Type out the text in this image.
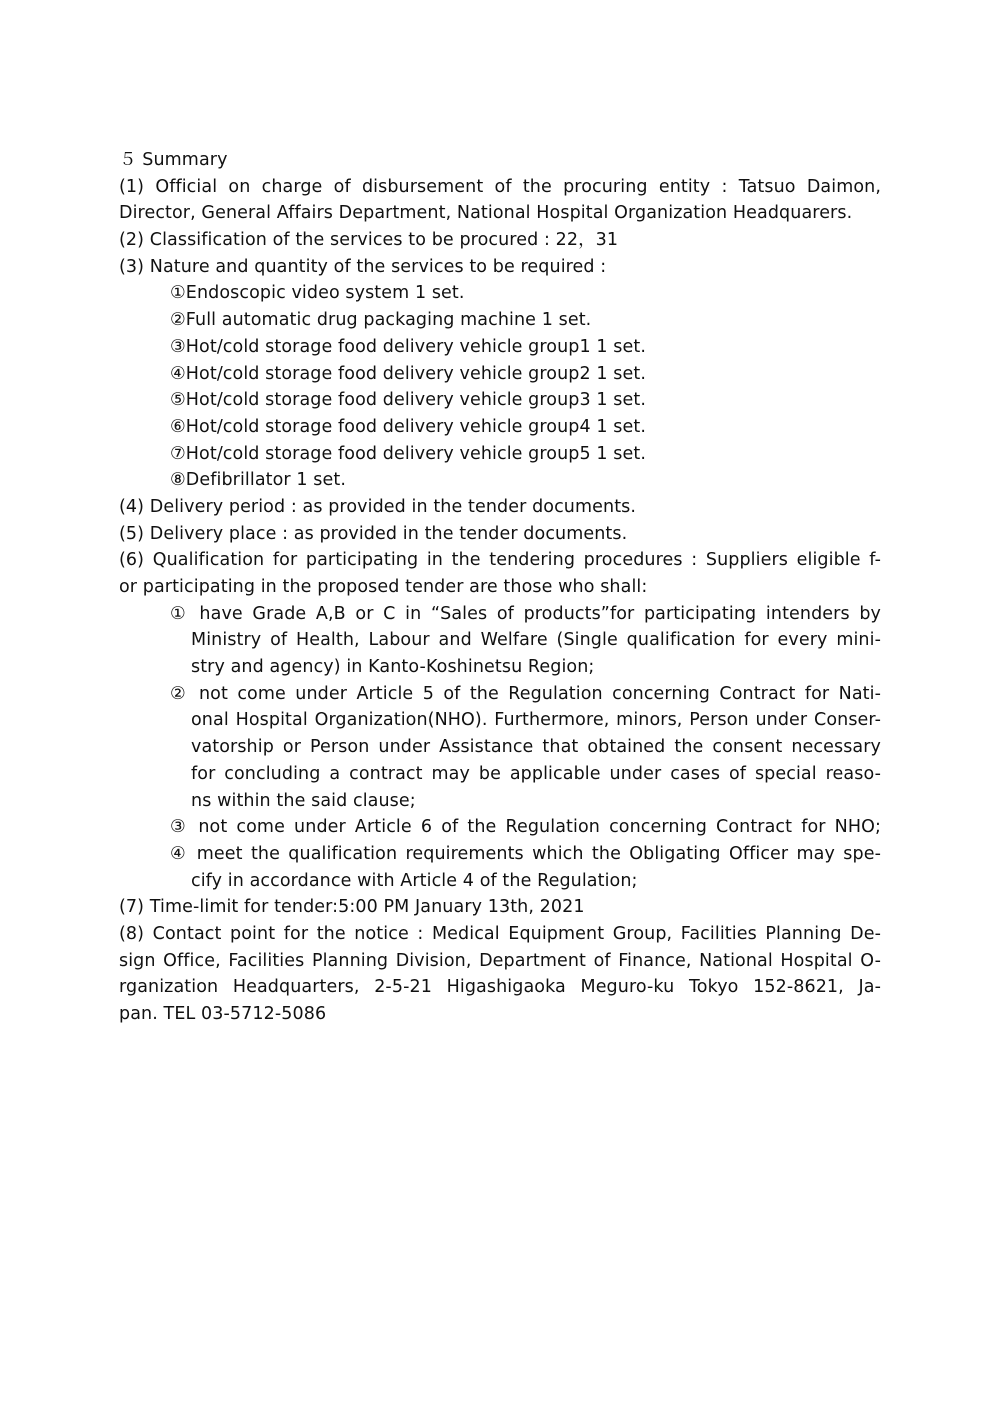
５ Summary
(1) Official on charge of disbursement of the procuring entity : Tatsuo Daimon,
Director, General Affairs Department, National Hospital Organization Headquarers.
(2) Classification of the services to be procured : 22，31
(3) Nature and quantity of the services to be required :
①Endoscopic video system 1 set.
②Full automatic drug packaging machine 1 set.
③Hot/cold storage food delivery vehicle group1 1 set.
④Hot/cold storage food delivery vehicle group2 1 set.
⑤Hot/cold storage food delivery vehicle group3 1 set.
⑥Hot/cold storage food delivery vehicle group4 1 set.
⑦Hot/cold storage food delivery vehicle group5 1 set.
⑧Defibrillator 1 set.
(4) Delivery period : as provided in the tender documents.
(5) Delivery place : as provided in the tender documents.
(6) Qualification for participating in the tendering procedures : Suppliers eligible f-
or participating in the proposed tender are those who shall:
① have Grade A,B or C in “Sales of products”for participating intenders by
Ministry of Health, Labour and Welfare (Single qualification for every mini-
stry and agency) in Kanto-Koshinetsu Region;
② not come under Article 5 of the Regulation concerning Contract for Nati-
onal Hospital Organization(NHO). Furthermore, minors, Person under Conser-
vatorship or Person under Assistance that obtained the consent necessary
for concluding a contract may be applicable under cases of special reaso-
ns within the said clause;
③ not come under Article 6 of the Regulation concerning Contract for NHO;
④ meet the qualification requirements which the Obligating Officer may spe-
cify in accordance with Article 4 of the Regulation;
(7) Time-limit for tender:5:00 PM January 13th, 2021
(8) Contact point for the notice : Medical Equipment Group, Facilities Planning De-
sign Office, Facilities Planning Division, Department of Finance, National Hospital O-
rganization Headquarters, 2-5-21 Higashigaoka Meguro-ku Tokyo 152-8621, Ja-
pan. TEL 03-5712-5086
